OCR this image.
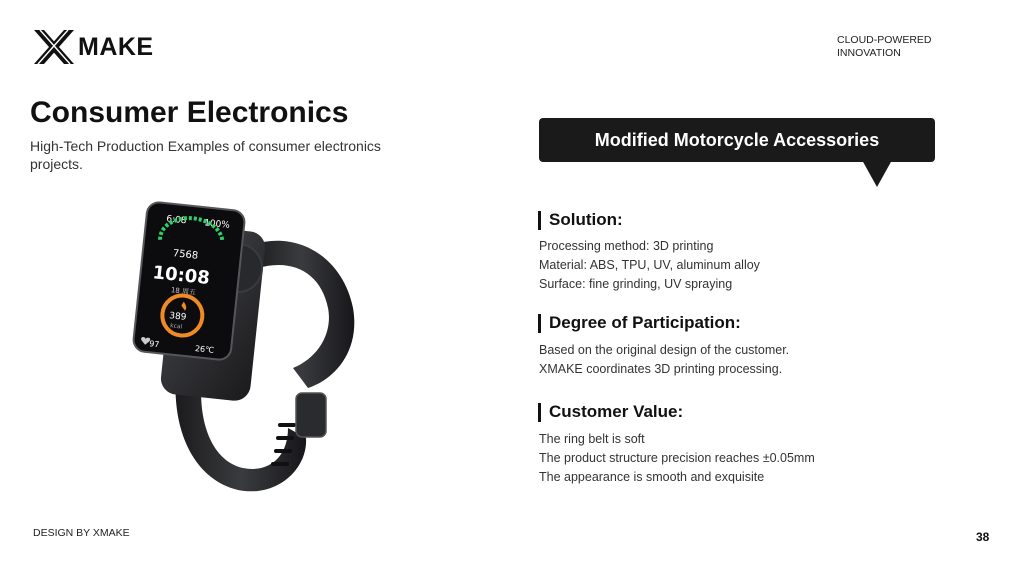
MAKE	CLOUD-POWERED
INNOVATION
Consumer Electronics
High-Tech Production Examples of consumer electronics projects.
6:08 100%
7568
10:08
18 周五
389
kcal
97	26℃
Modified Motorcycle Accessories
Solution:
Processing method: 3D printing
Material: ABS, TPU, UV, aluminum alloy
Surface: fine grinding, UV spraying
Degree of Participation:
Based on the original design of the customer.
XMAKE coordinates 3D printing processing.
Customer Value:
The ring belt is soft
The product structure precision reaches ±0.05mm
The appearance is smooth and exquisite
DESIGN BY XMAKE	38
